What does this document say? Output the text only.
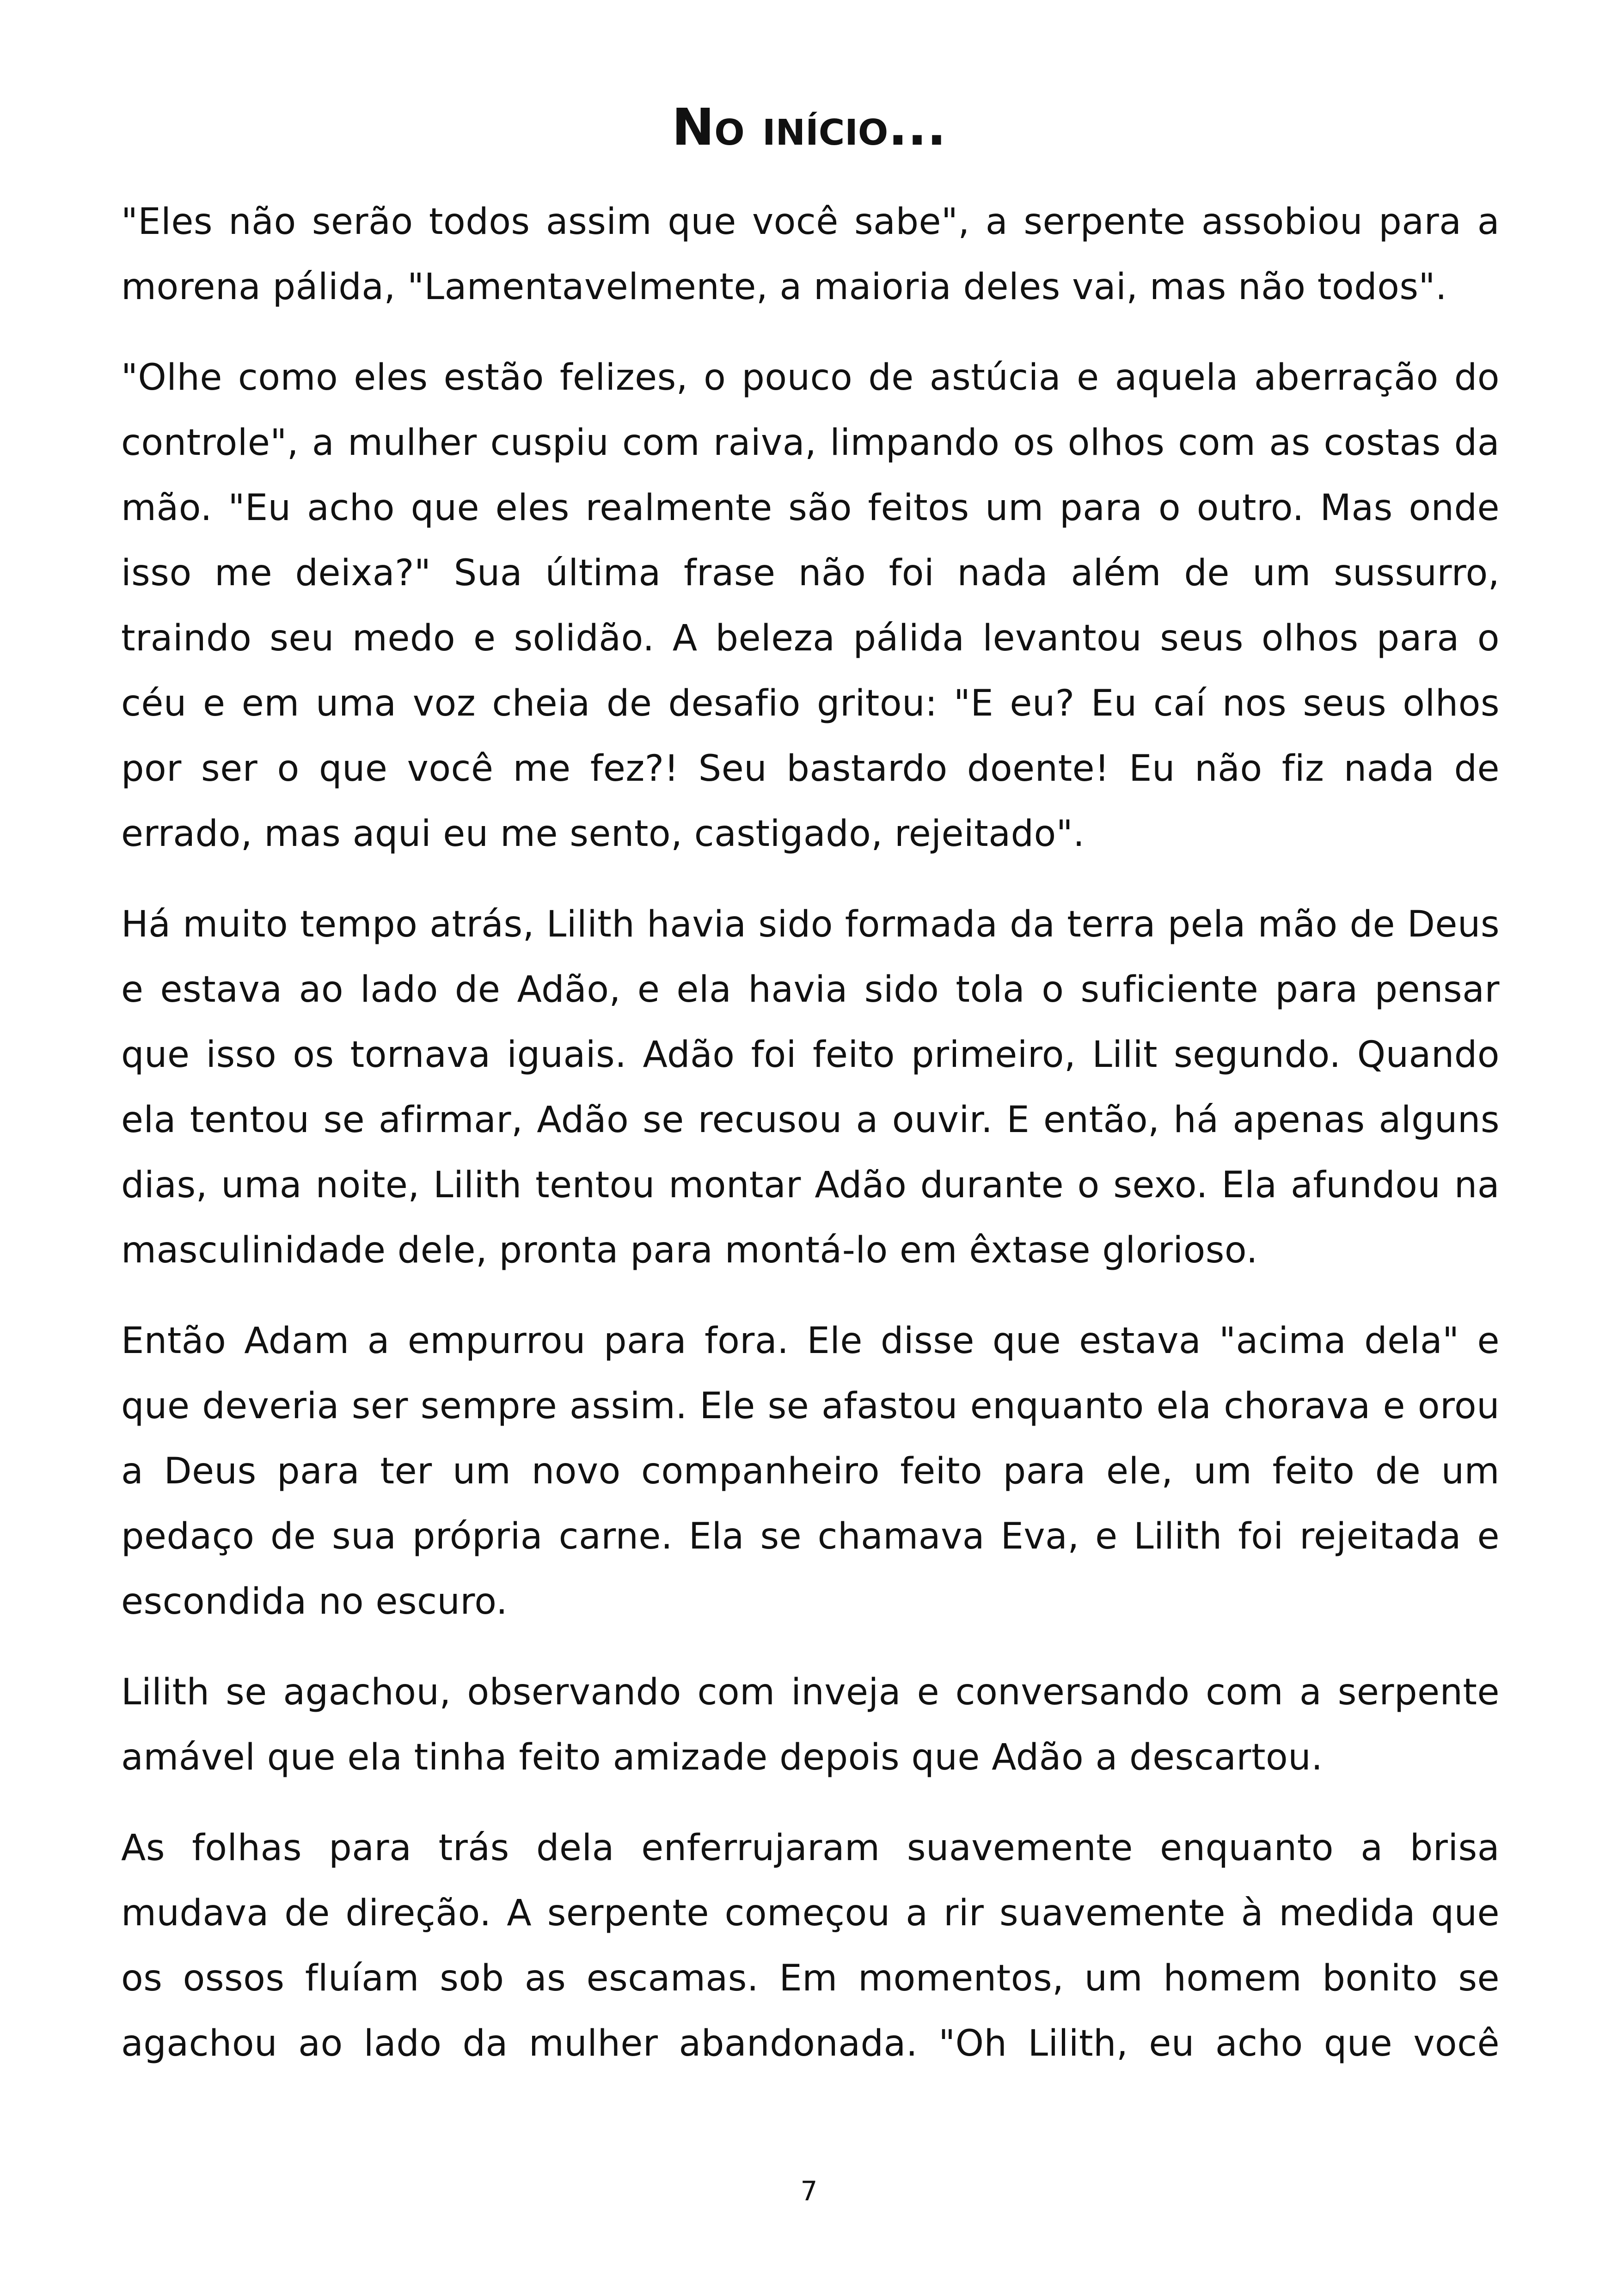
No início...

"Eles não serão todos assim que você sabe", a serpente assobiou para a morena pálida, "Lamentavelmente, a maioria deles vai, mas não todos".

"Olhe como eles estão felizes, o pouco de astúcia e aquela aberração do controle", a mulher cuspiu com raiva, limpando os olhos com as costas da mão. "Eu acho que eles realmente são feitos um para o outro. Mas onde isso me deixa?" Sua última frase não foi nada além de um sussurro, traindo seu medo e solidão. A beleza pálida levantou seus olhos para o céu e em uma voz cheia de desafio gritou: "E eu? Eu caí nos seus olhos por ser o que você me fez?! Seu bastardo doente! Eu não fiz nada de errado, mas aqui eu me sento, castigado, rejeitado".

Há muito tempo atrás, Lilith havia sido formada da terra pela mão de Deus e estava ao lado de Adão, e ela havia sido tola o suficiente para pensar que isso os tornava iguais. Adão foi feito primeiro, Lilit segundo. Quando ela tentou se afirmar, Adão se recusou a ouvir. E então, há apenas alguns dias, uma noite, Lilith tentou montar Adão durante o sexo. Ela afundou na masculinidade dele, pronta para montá-lo em êxtase glorioso.

Então Adam a empurrou para fora. Ele disse que estava "acima dela" e que deveria ser sempre assim. Ele se afastou enquanto ela chorava e orou a Deus para ter um novo companheiro feito para ele, um feito de um pedaço de sua própria carne. Ela se chamava Eva, e Lilith foi rejeitada e escondida no escuro.

Lilith se agachou, observando com inveja e conversando com a serpente amável que ela tinha feito amizade depois que Adão a descartou.

As folhas para trás dela enferrujaram suavemente enquanto a brisa mudava de direção. A serpente começou a rir suavemente à medida que os ossos fluíam sob as escamas. Em momentos, um homem bonito se agachou ao lado da mulher abandonada. "Oh Lilith, eu acho que você

7
